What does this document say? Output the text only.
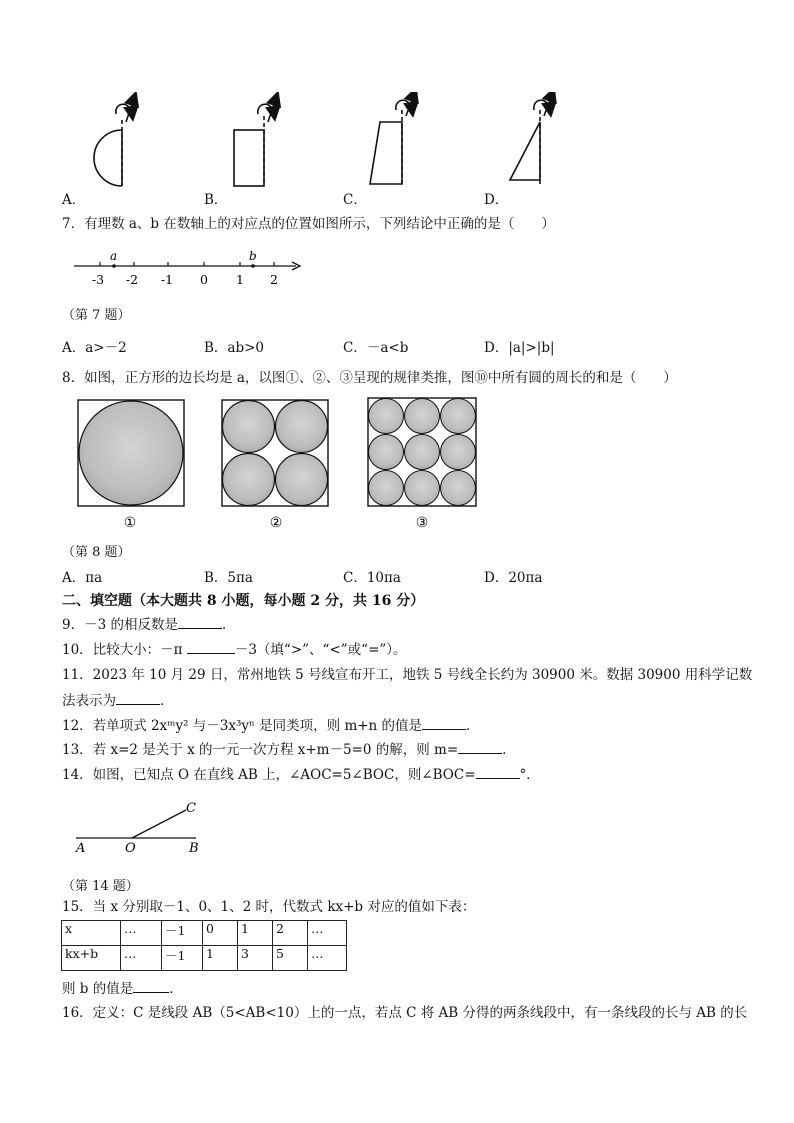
A．	B．	C．	D．
7．有理数 a、b 在数轴上的对应点的位置如图所示，下列结论中正确的是（　　）
a	b
-3 -2 -1 0 1 2
（第 7 题）
A．a>－2	B．ab>0	C．－a<b	D．|a|>|b|
8．如图，正方形的边长均是 a，以图①、②、③呈现的规律类推，图⑩中所有圆的周长的和是（　　）
①	②	③
（第 8 题）
A．πa	B．5πa	C．10πa	D．20πa
二、填空题（本大题共 8 小题，每小题 2 分，共 16 分）
9．－3 的相反数是	．
10．比较大小：－π	－3（填“>”、“<”或“=”）。
11．2023 年 10 月 29 日，常州地铁 5 号线宣布开工，地铁 5 号线全长约为 30900 米。数据 30900 用科学记数
法表示为	．
12．若单项式 2xᵐy² 与－3x³yⁿ 是同类项，则 m+n 的值是	．
13．若 x=2 是关于 x 的一元一次方程 x+m－5=0 的解，则 m=	．
14．如图，已知点 O 在直线 AB 上，∠AOC=5∠BOC，则∠BOC=	°．
C
A	O	B
（第 14 题）
15．当 x 分别取－1、0、1、2 时，代数式 kx+b 对应的值如下表：
x	…	－1	0	1	2	…
kx+b	…	－1	1	3	5	…
则 b 的值是	．
16．定义：C 是线段 AB（5<AB<10）上的一点，若点 C 将 AB 分得的两条线段中，有一条线段的长与 AB 的长
